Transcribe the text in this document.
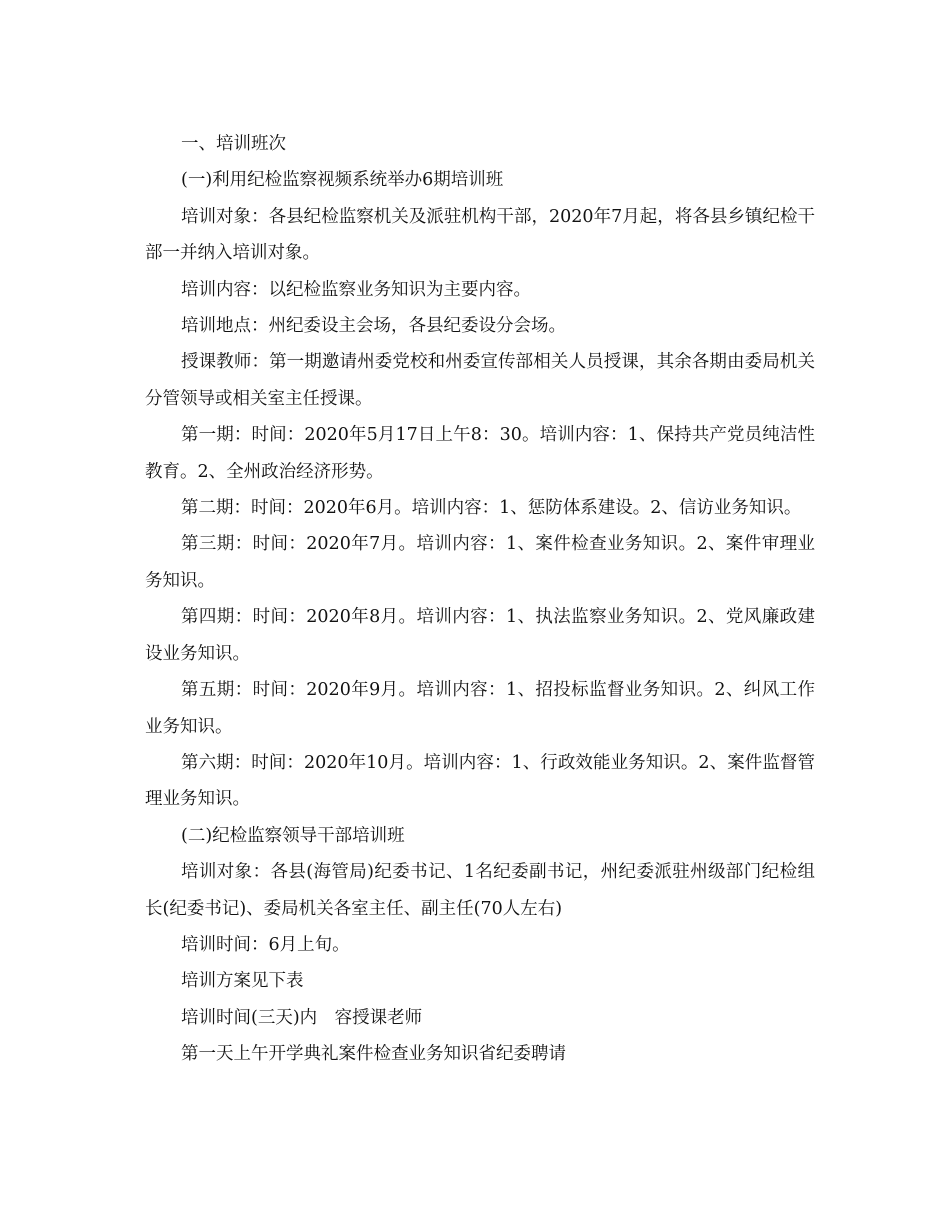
一、培训班次

(一)利用纪检监察视频系统举办6期培训班

培训对象：各县纪检监察机关及派驻机构干部，2020年7月起，将各县乡镇纪检干部一并纳入培训对象。

培训内容：以纪检监察业务知识为主要内容。

培训地点：州纪委设主会场，各县纪委设分会场。

授课教师：第一期邀请州委党校和州委宣传部相关人员授课，其余各期由委局机关分管领导或相关室主任授课。

第一期：时间：2020年5月17日上午8：30。培训内容：1、保持共产党员纯洁性教育。2、全州政治经济形势。

第二期：时间：2020年6月。培训内容：1、惩防体系建设。2、信访业务知识。

第三期：时间：2020年7月。培训内容：1、案件检查业务知识。2、案件审理业务知识。

第四期：时间：2020年8月。培训内容：1、执法监察业务知识。2、党风廉政建设业务知识。

第五期：时间：2020年9月。培训内容：1、招投标监督业务知识。2、纠风工作业务知识。

第六期：时间：2020年10月。培训内容：1、行政效能业务知识。2、案件监督管理业务知识。

(二)纪检监察领导干部培训班

培训对象：各县(海管局)纪委书记、1名纪委副书记，州纪委派驻州级部门纪检组长(纪委书记)、委局机关各室主任、副主任(70人左右)

培训时间：6月上旬。

培训方案见下表

培训时间(三天)内　容授课老师

第一天上午开学典礼案件检查业务知识省纪委聘请
